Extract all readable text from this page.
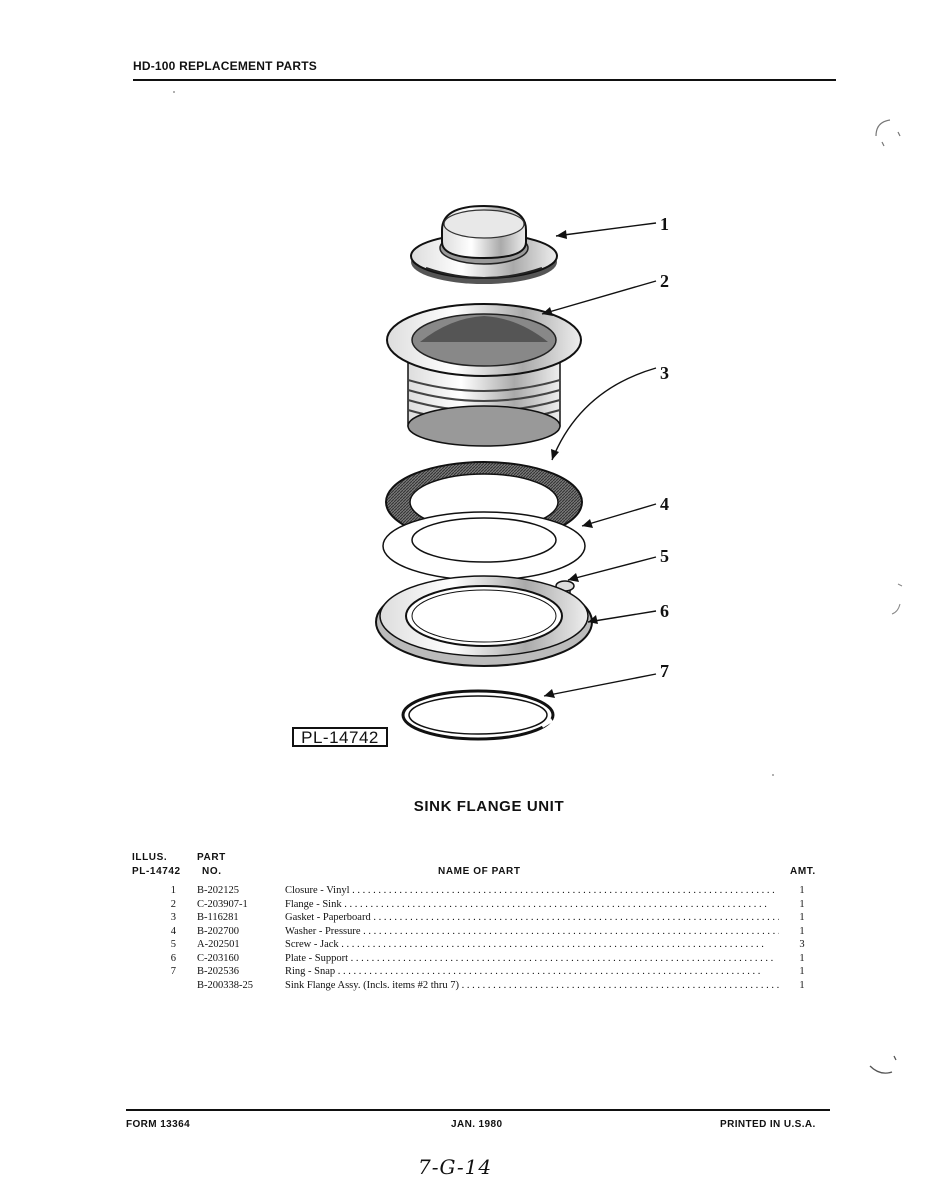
HD-100 REPLACEMENT PARTS
1
2
3
4
5
6
7
PL-14742
SINK FLANGE UNIT
ILLUS.
PL-14742
PART
NO.	NAME OF PART	AMT.
1 B-202125	Closure - Vinyl . . .	1
2 C-203907-1	Flange - Sink . . .	1
3 B-116281	Gasket - Paperboard . . .	1
4 B-202700	Washer - Pressure . . .	1
5 A-202501	Screw - Jack . . .	3
6 C-203160	Plate - Support . . .	1
7 B-202536	Ring - Snap . . .	1
B-200338-25	Sink Flange Assy. (Incls. items #2 thru 7) . . .	1
FORM 13364	JAN. 1980	PRINTED IN U.S.A.
7-G-14
